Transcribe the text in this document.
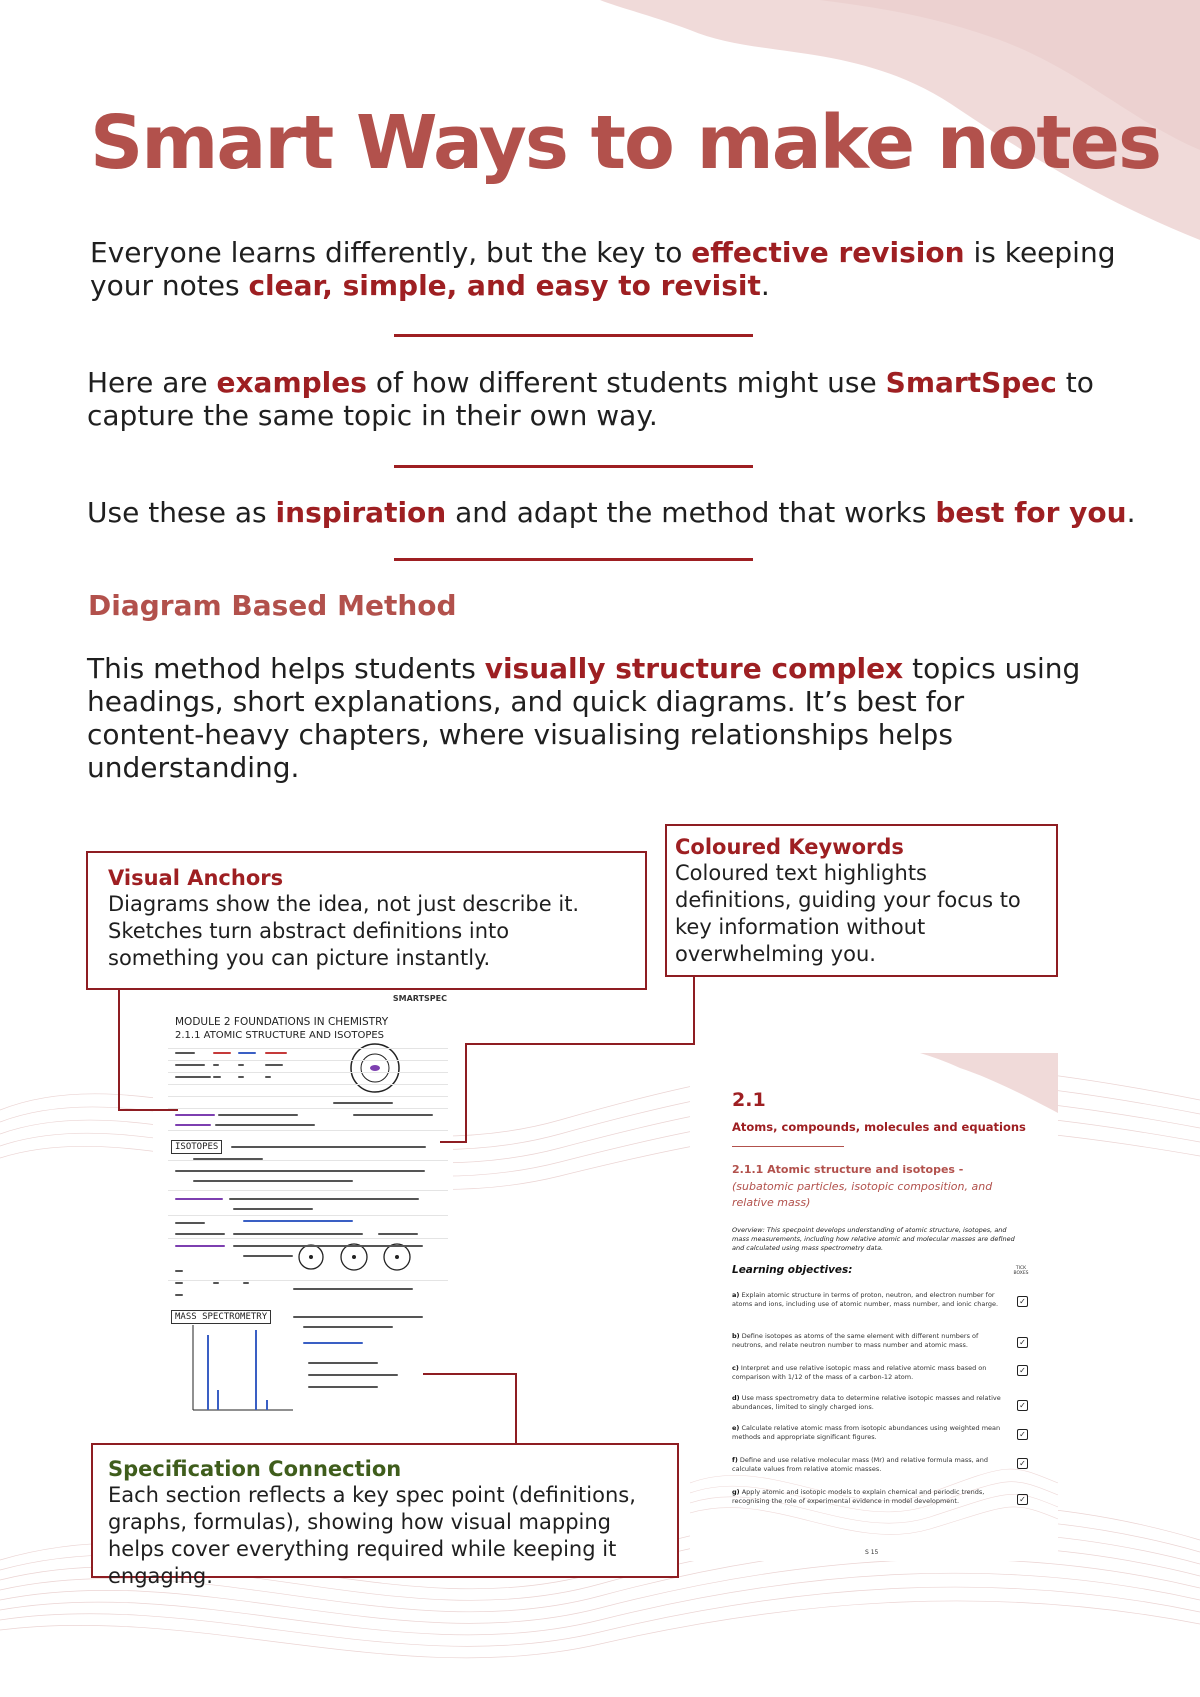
Smart Ways to make notes

Everyone learns differently, but the key to effective revision is keeping your notes clear, simple, and easy to revisit.

Here are examples of how different students might use SmartSpec to capture the same topic in their own way.

Use these as inspiration and adapt the method that works best for you.

Diagram Based Method

This method helps students visually structure complex topics using headings, short explanations, and quick diagrams. It’s best for content-heavy chapters, where visualising relationships helps understanding.

SMARTSPEC
MODULE 2 FOUNDATIONS IN CHEMISTRY
2.1.1 ATOMIC STRUCTURE AND ISOTOPES
ISOTOPES
MASS SPECTROMETRY
2.1
Atoms, compounds, molecules and equations
2.1.1 Atomic structure and isotopes -
(subatomic particles, isotopic composition, and relative mass)
Overview: This specpoint develops understanding of atomic structure, isotopes, and mass measurements, including how relative atomic and molecular masses are defined and calculated using mass spectrometry data.
Learning objectives:	TICK BOXES
a) Explain atomic structure in terms of proton, neutron, and electron number for atoms and ions, including use of atomic number, mass number, and ionic charge.	✓
b) Define isotopes as atoms of the same element with different numbers of neutrons, and relate neutron number to mass number and atomic mass.	✓
c) Interpret and use relative isotopic mass and relative atomic mass based on comparison with 1/12 of the mass of a carbon-12 atom.
✓
d) Use mass spectrometry data to determine relative isotopic masses and relative abundances, limited to singly charged ions.	✓
e) Calculate relative atomic mass from isotopic abundances using weighted mean methods and appropriate significant figures.	✓
f) Define and use relative molecular mass (Mr) and relative formula mass, and calculate values from relative atomic masses.
✓
g) Apply atomic and isotopic models to explain chemical and periodic trends, recognising the role of experimental evidence in model development.	✓
S 15

Visual Anchors

Diagrams show the idea, not just describe it. Sketches turn abstract definitions into something you can picture instantly.

Coloured Keywords

Coloured text highlights definitions, guiding your focus to key information without overwhelming you.

Specification Connection

Each section reflects a key spec point (definitions, graphs, formulas), showing how visual mapping helps cover everything required while keeping it engaging.
